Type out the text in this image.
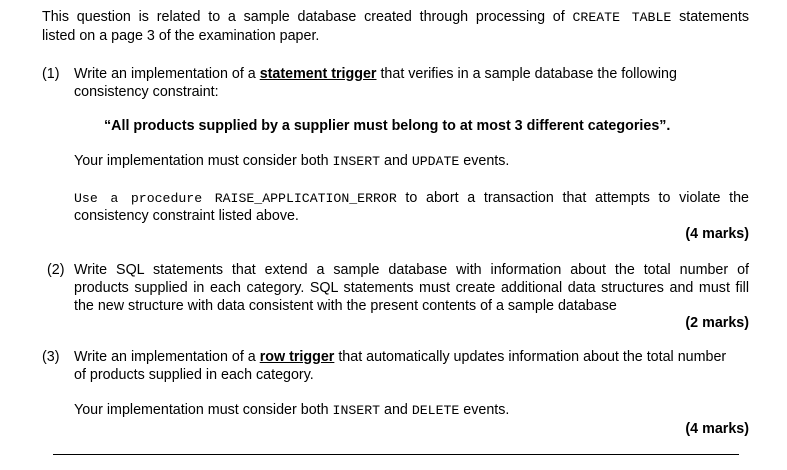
This question is related to a sample database created through processing of CREATE TABLE statements
listed on a page 3 of the examination paper.
(1) Write an implementation of a statement trigger that verifies in a sample database the following
consistency constraint:
“All products supplied by a supplier must belong to at most 3 different categories”.
Your implementation must consider both INSERT and UPDATE events.
Use a procedure RAISE_APPLICATION_ERROR to abort a transaction that attempts to violate the
consistency constraint listed above.
(4 marks)
(2) Write SQL statements that extend a sample database with information about the total number of
products supplied in each category. SQL statements must create additional data structures and must fill
the new structure with data consistent with the present contents of a sample database
(2 marks)
(3) Write an implementation of a row trigger that automatically updates information about the total number
of products supplied in each category.
Your implementation must consider both INSERT and DELETE events.
(4 marks)
